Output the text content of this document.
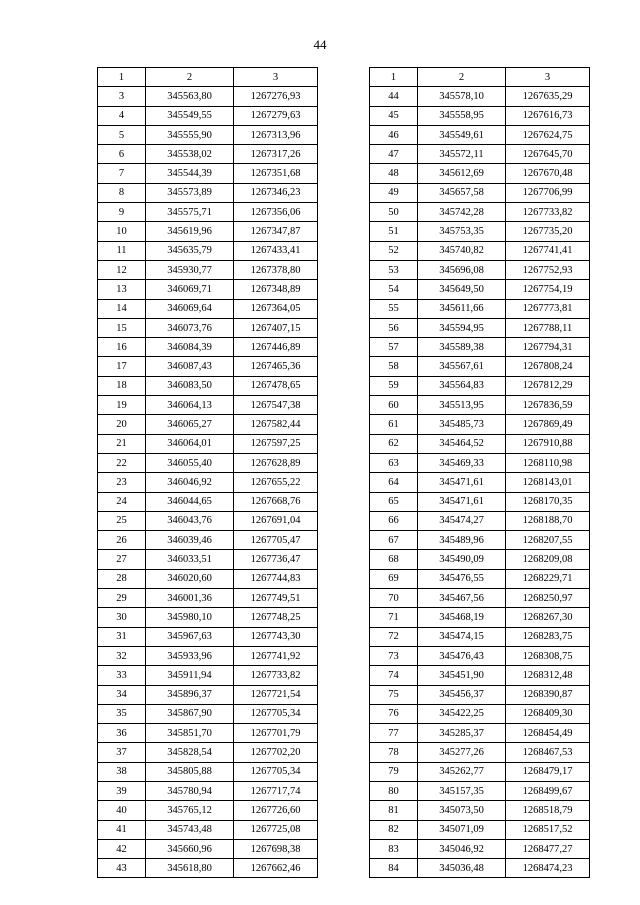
44
1	2	3
3	345563,80	1267276,93
4	345549,55	1267279,63
5	345555,90	1267313,96
6	345538,02	1267317,26
7	345544,39	1267351,68
8	345573,89	1267346,23
9	345575,71	1267356,06
10	345619,96	1267347,87
11	345635,79	1267433,41
12	345930,77	1267378,80
13	346069,71	1267348,89
14	346069,64	1267364,05
15	346073,76	1267407,15
16	346084,39	1267446,89
17	346087,43	1267465,36
18	346083,50	1267478,65
19	346064,13	1267547,38
20	346065,27	1267582,44
21	346064,01	1267597,25
22	346055,40	1267628,89
23	346046,92	1267655,22
24	346044,65	1267668,76
25	346043,76	1267691,04
26	346039,46	1267705,47
27	346033,51	1267736,47
28	346020,60	1267744,83
29	346001,36	1267749,51
30	345980,10	1267748,25
31	345967,63	1267743,30
32	345933,96	1267741,92
33	345911,94	1267733,82
34	345896,37	1267721,54
35	345867,90	1267705,34
36	345851,70	1267701,79
37	345828,54	1267702,20
38	345805,88	1267705,34
39	345780,94	1267717,74
40	345765,12	1267726,60
41	345743,48	1267725,08
42	345660,96	1267698,38
43	345618,80	1267662,46
1	2	3
44	345578,10	1267635,29
45	345558,95	1267616,73
46	345549,61	1267624,75
47	345572,11	1267645,70
48	345612,69	1267670,48
49	345657,58	1267706,99
50	345742,28	1267733,82
51	345753,35	1267735,20
52	345740,82	1267741,41
53	345696,08	1267752,93
54	345649,50	1267754,19
55	345611,66	1267773,81
56	345594,95	1267788,11
57	345589,38	1267794,31
58	345567,61	1267808,24
59	345564,83	1267812,29
60	345513,95	1267836,59
61	345485,73	1267869,49
62	345464,52	1267910,88
63	345469,33	1268110,98
64	345471,61	1268143,01
65	345471,61	1268170,35
66	345474,27	1268188,70
67	345489,96	1268207,55
68	345490,09	1268209,08
69	345476,55	1268229,71
70	345467,56	1268250,97
71	345468,19	1268267,30
72	345474,15	1268283,75
73	345476,43	1268308,75
74	345451,90	1268312,48
75	345456,37	1268390,87
76	345422,25	1268409,30
77	345285,37	1268454,49
78	345277,26	1268467,53
79	345262,77	1268479,17
80	345157,35	1268499,67
81	345073,50	1268518,79
82	345071,09	1268517,52
83	345046,92	1268477,27
84	345036,48	1268474,23
